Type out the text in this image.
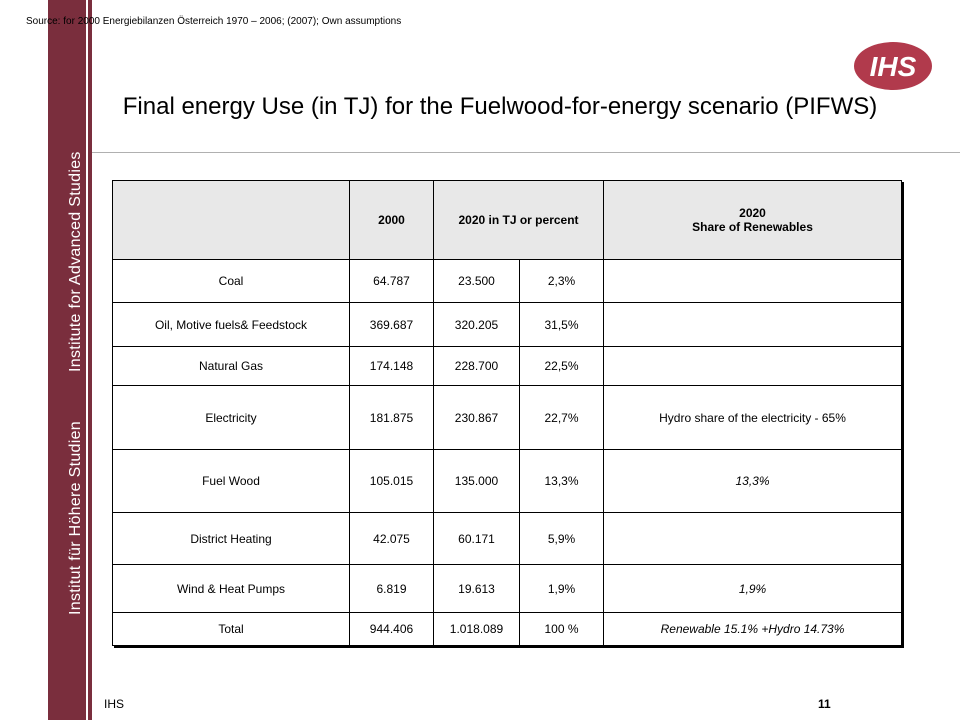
Institute for Advanced Studies
Institut für Höhere Studien
Source: for 2000 Energiebilanzen Österreich 1970 – 2006; (2007); Own assumptions
IHS
Final energy Use (in TJ) for the Fuelwood-for-energy scenario (PIFWS)
	2000	2020 in TJ or percent		2020
Share of Renewables
Coal	64.787	23.500	2,3%	
Oil, Motive fuels& Feedstock	369.687	320.205	31,5%	
Natural Gas	174.148	228.700	22,5%	
Electricity	181.875	230.867	22,7%	Hydro share of the electricity - 65%
Fuel Wood	105.015	135.000	13,3%	13,3%
District Heating	42.075	60.171	5,9%	
Wind & Heat Pumps	6.819	19.613	1,9%	1,9%
Total	944.406	1.018.089	100 %	Renewable 15.1% +Hydro 14.73%
IHS	11
